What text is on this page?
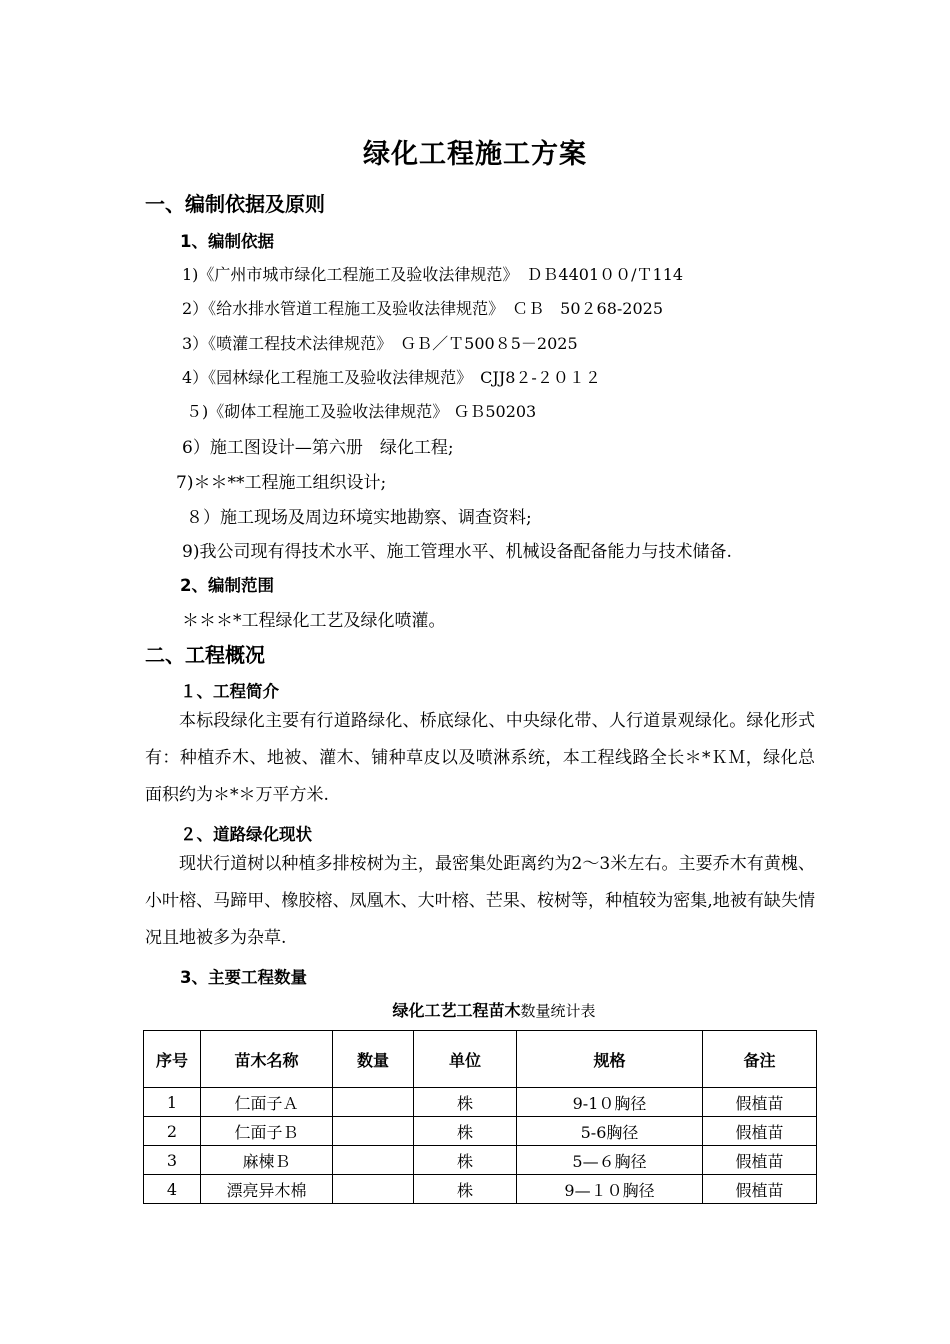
绿化工程施工方案
一、编制依据及原则
1、编制依据
1)《广州市城市绿化工程施工及验收法律规范》　ＤＢ4401００/Ｔ114
2）《给水排水管道工程施工及验收法律规范》　ＣＢ　50２68-2025
3）《喷灌工程技术法律规范》　ＧＢ／Ｔ500８5－2025
4）《园林绿化工程施工及验收法律规范》　CJJ8２-２０１２
５)《砌体工程施工及验收法律规范》 ＧＢ50203
6）施工图设计—第六册　绿化工程;
7)＊＊**工程施工组织设计;
８）施工现场及周边环境实地勘察、调查资料;
9)我公司现有得技术水平、施工管理水平、机械设备配备能力与技术储备.
2、编制范围
＊＊＊*工程绿化工艺及绿化喷灌。
二、工程概况
１、工程简介

本标段绿化主要有行道路绿化、桥底绿化、中央绿化带、人行道景观绿化。绿化形式有：种植乔木、地被、灌木、铺种草皮以及喷淋系统，本工程线路全长＊*ＫＭ，绿化总面积约为＊*＊万平方米.

２、道路绿化现状

现状行道树以种植多排桉树为主，最密集处距离约为2～3米左右。主要乔木有黄槐、小叶榕、马蹄甲、橡胶榕、凤凰木、大叶榕、芒果、桉树等，种植较为密集,地被有缺失情况且地被多为杂草.

3、主要工程数量
绿化工艺工程苗木数量统计表
序号	苗木名称	数量	单位	规格	备注
1	仁面子Ａ		株	9-1０胸径	假植苗
2	仁面子Ｂ		株	5-6胸径	假植苗
3	麻楝Ｂ		株	5—６胸径	假植苗
4	漂亮异木棉		株	9—１０胸径	假植苗
